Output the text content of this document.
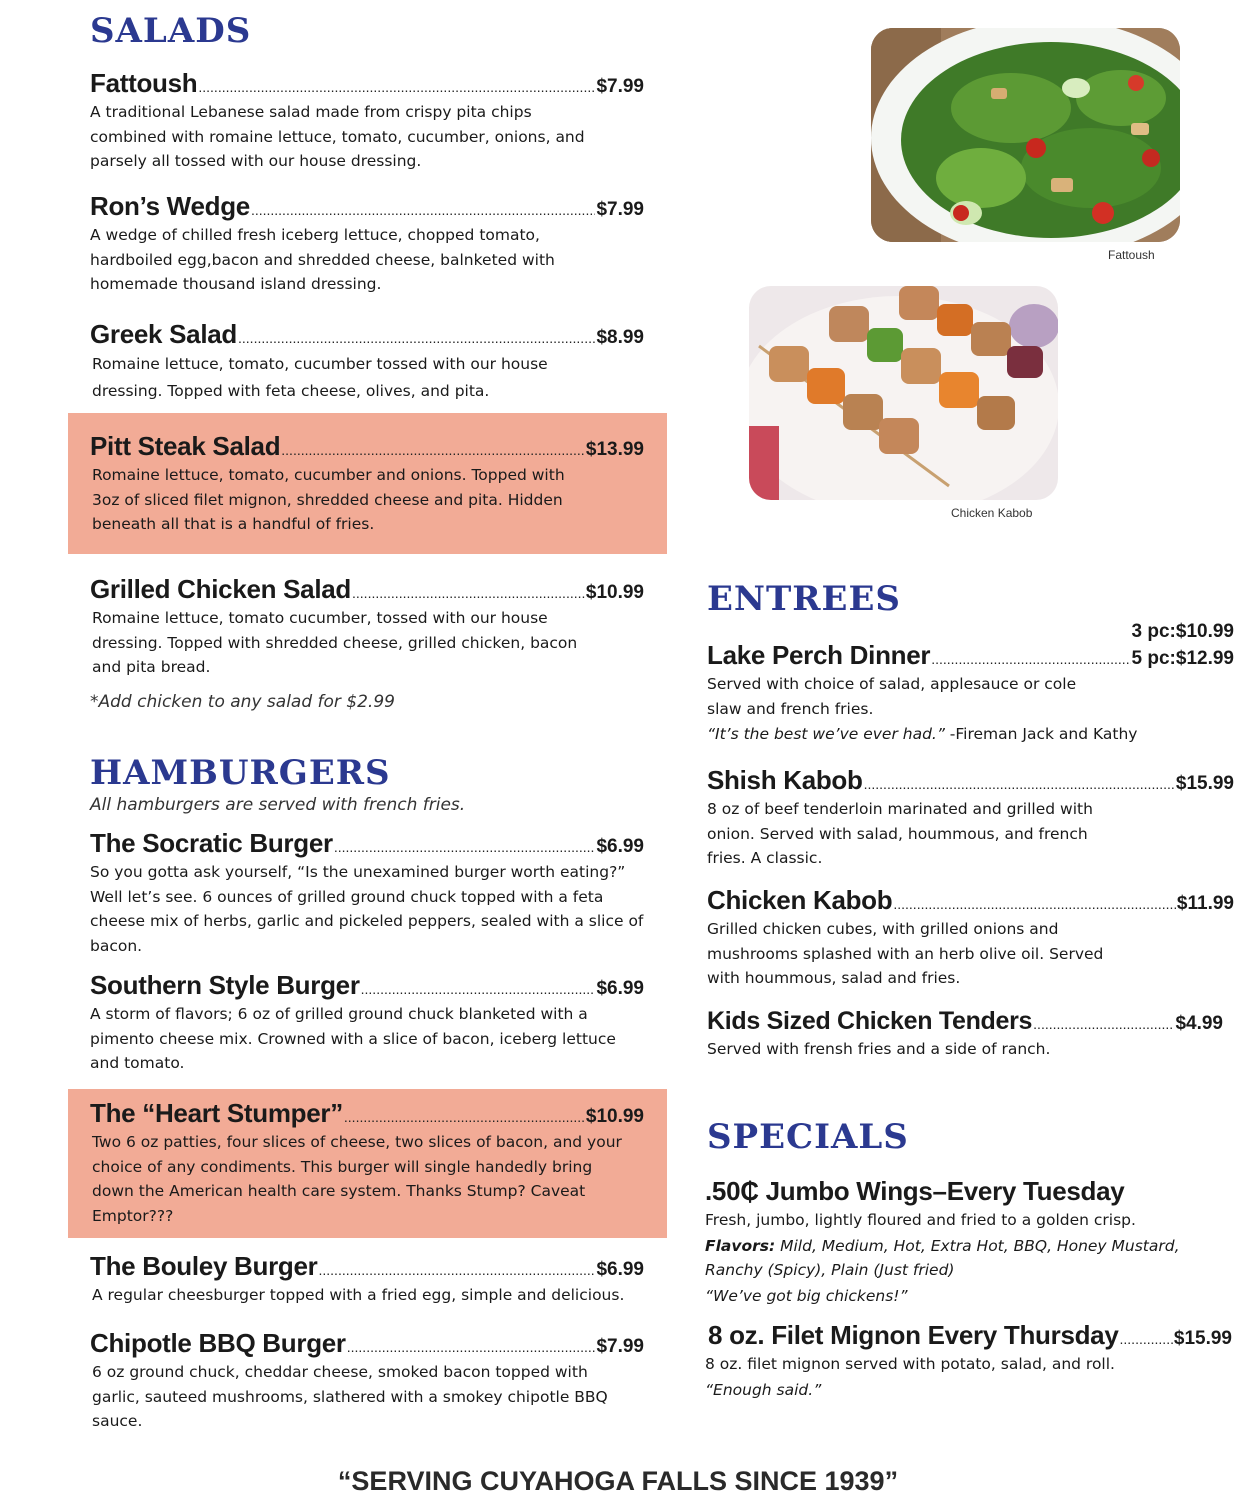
SALADS
Fattoush .....	$7.99
A traditional Lebanese salad made from crispy pita chips combined with romaine lettuce, tomato, cucumber, onions, and parsely all tossed with our house dressing.
Ron’s Wedge .....	$7.99
A wedge of chilled fresh iceberg lettuce, chopped tomato, hardboiled egg,bacon and shredded cheese, balnketed with homemade thousand island dressing.
Greek Salad .....	$8.99
Romaine lettuce, tomato, cucumber tossed with our house dressing. Topped with feta cheese, olives, and pita.
Pitt Steak Salad .....	$13.99
Romaine lettuce, tomato, cucumber and onions. Topped with 3oz of sliced filet mignon, shredded cheese and pita. Hidden beneath all that is a handful of fries.
Grilled Chicken Salad .....	$10.99
Romaine lettuce, tomato cucumber, tossed with our house dressing. Topped with shredded cheese, grilled chicken, bacon and pita bread.
*Add chicken to any salad for $2.99
HAMBURGERS
All hamburgers are served with french fries.
The Socratic Burger .....	$6.99
So you gotta ask yourself, “Is the unexamined burger worth eating?” Well let’s see. 6 ounces of grilled ground chuck topped with a feta cheese mix of herbs, garlic and pickeled peppers, sealed with a slice of bacon.
Southern Style Burger .....	$6.99
A storm of flavors; 6 oz of grilled ground chuck blanketed with a pimento cheese mix. Crowned with a slice of bacon, iceberg lettuce and tomato.
The “Heart Stumper” .....	$10.99
Two 6 oz patties, four slices of cheese, two slices of bacon, and your choice of any condiments. This burger will single handedly bring down the American health care system. Thanks Stump? Caveat Emptor???
The Bouley Burger .....	$6.99
A regular cheesburger topped with a fried egg, simple and delicious.
Chipotle BBQ Burger .....	$7.99
6 oz ground chuck, cheddar cheese, smoked bacon topped with garlic, sauteed mushrooms, slathered with a smokey chipotle BBQ sauce.
Fattoush
Chicken Kabob
ENTREES
3 pc:$10.99
Lake Perch Dinner .....	5 pc:$12.99
Served with choice of salad, applesauce or cole slaw and french fries.
“It’s the best we’ve ever had.” -Fireman Jack and Kathy
Shish Kabob .....	$15.99
8 oz of beef tenderloin marinated and grilled with onion. Served with salad, hoummous, and french fries. A classic.
Chicken Kabob .....	$11.99
Grilled chicken cubes, with grilled onions and mushrooms splashed with an herb olive oil. Served with hoummous, salad and fries.
Kids Sized Chicken Tenders .....	$4.99
Served with frensh fries and a side of ranch.
SPECIALS
.50₵ Jumbo Wings–Every Tuesday
Fresh, jumbo, lightly floured and fried to a golden crisp.
Flavors: Mild, Medium, Hot, Extra Hot, BBQ, Honey Mustard, Ranchy (Spicy), Plain (Just fried)
“We’ve got big chickens!”
8 oz. Filet Mignon Every Thursday .....	$15.99
8 oz. filet mignon served with potato, salad, and roll.
“Enough said.”
“SERVING CUYAHOGA FALLS SINCE 1939”
